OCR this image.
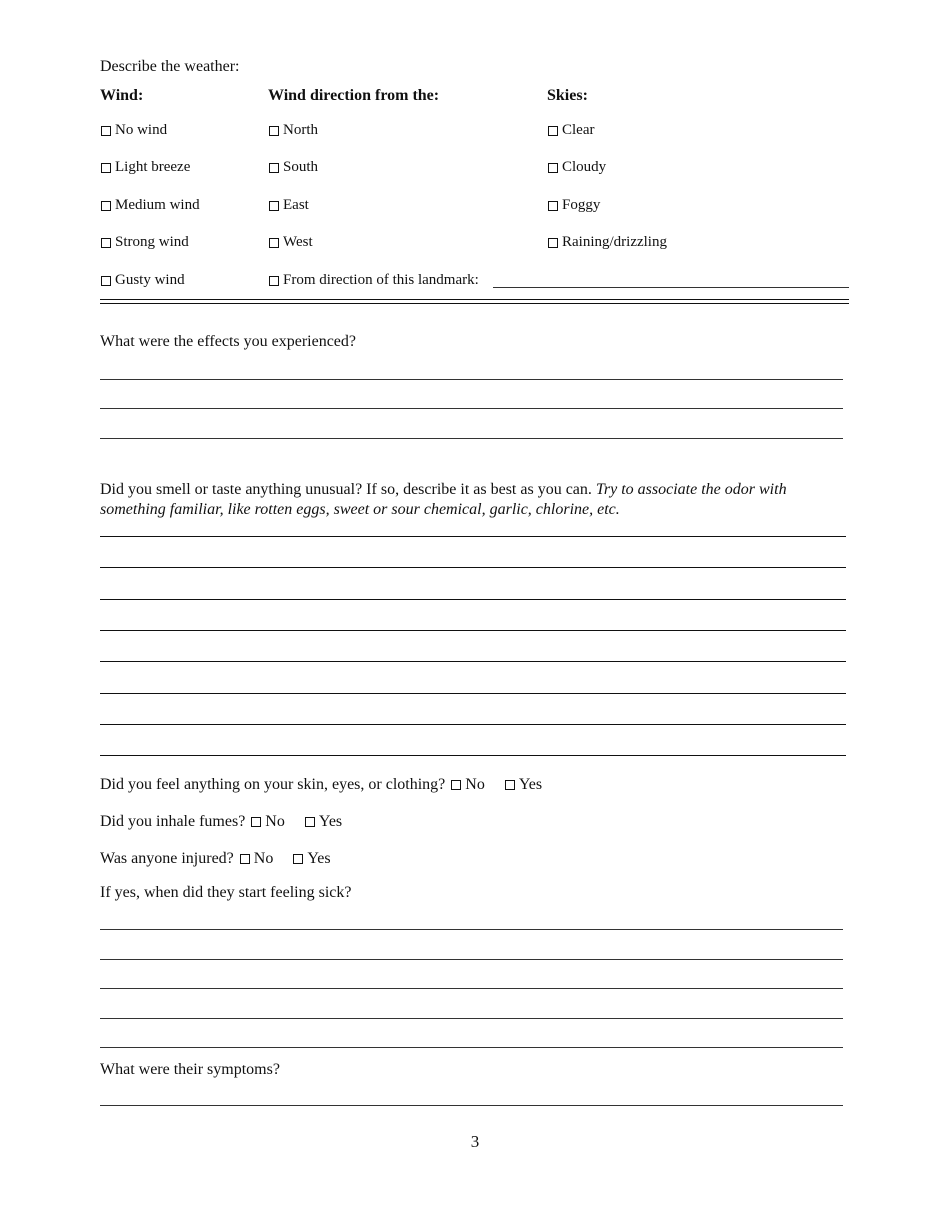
Describe the weather:
Wind:	Wind direction from the:	Skies:
No wind
Light breeze
Medium wind
Strong wind
Gusty wind
North
South
East
West
From direction of this landmark:
Clear
Cloudy
Foggy
Raining/drizzling
What were the effects you experienced?
Did you smell or taste anything unusual? If so, describe it as best as you can. Try to associate the odor with something familiar, like rotten eggs, sweet or sour chemical, garlic, chlorine, etc.
Did you feel anything on your skin, eyes, or clothing? No Yes
Did you inhale fumes? No Yes
Was anyone injured? No Yes
If yes, when did they start feeling sick?
What were their symptoms?
3
